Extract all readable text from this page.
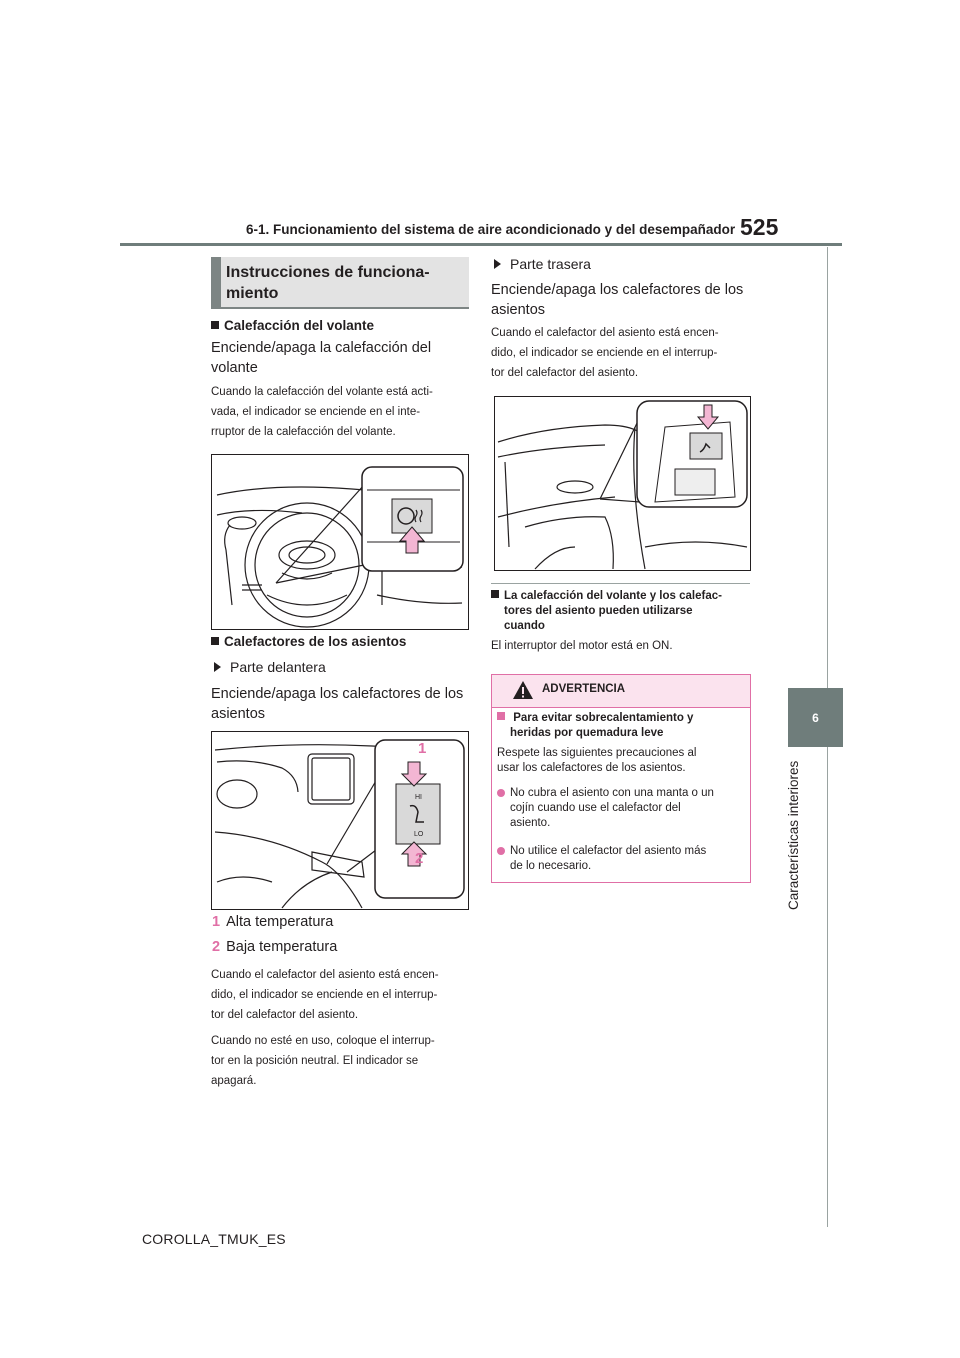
6-1. Funcionamiento del sistema de aire acondicionado y del desempañador 525
6
Características interiores
Instrucciones de funciona-
miento
Calefacción del volante
Enciende/apaga la calefacción del
volante
Cuando la calefacción del volante está acti-
vada, el indicador se enciende en el inte-
rruptor de la calefacción del volante.
Calefactores de los asientos
Parte delantera
Enciende/apaga los calefactores de los
asientos
HI
LO
1
2
1 Alta temperatura
2 Baja temperatura
Cuando el calefactor del asiento está encen-
dido, el indicador se enciende en el interrup-
tor del calefactor del asiento.
Cuando no esté en uso, coloque el interrup-
tor en la posición neutral. El indicador se
apagará.
Parte trasera
Enciende/apaga los calefactores de los
asientos
Cuando el calefactor del asiento está encen-
dido, el indicador se enciende en el interrup-
tor del calefactor del asiento.
La calefacción del volante y los calefac-
tores del asiento pueden utilizarse
cuando
El interruptor del motor está en ON.
ADVERTENCIA
Para evitar sobrecalentamiento y
heridas por quemadura leve
Respete las siguientes precauciones al
usar los calefactores de los asientos.
No cubra el asiento con una manta o un
cojín cuando use el calefactor del
asiento.
No utilice el calefactor del asiento más
de lo necesario.
COROLLA_TMUK_ES
